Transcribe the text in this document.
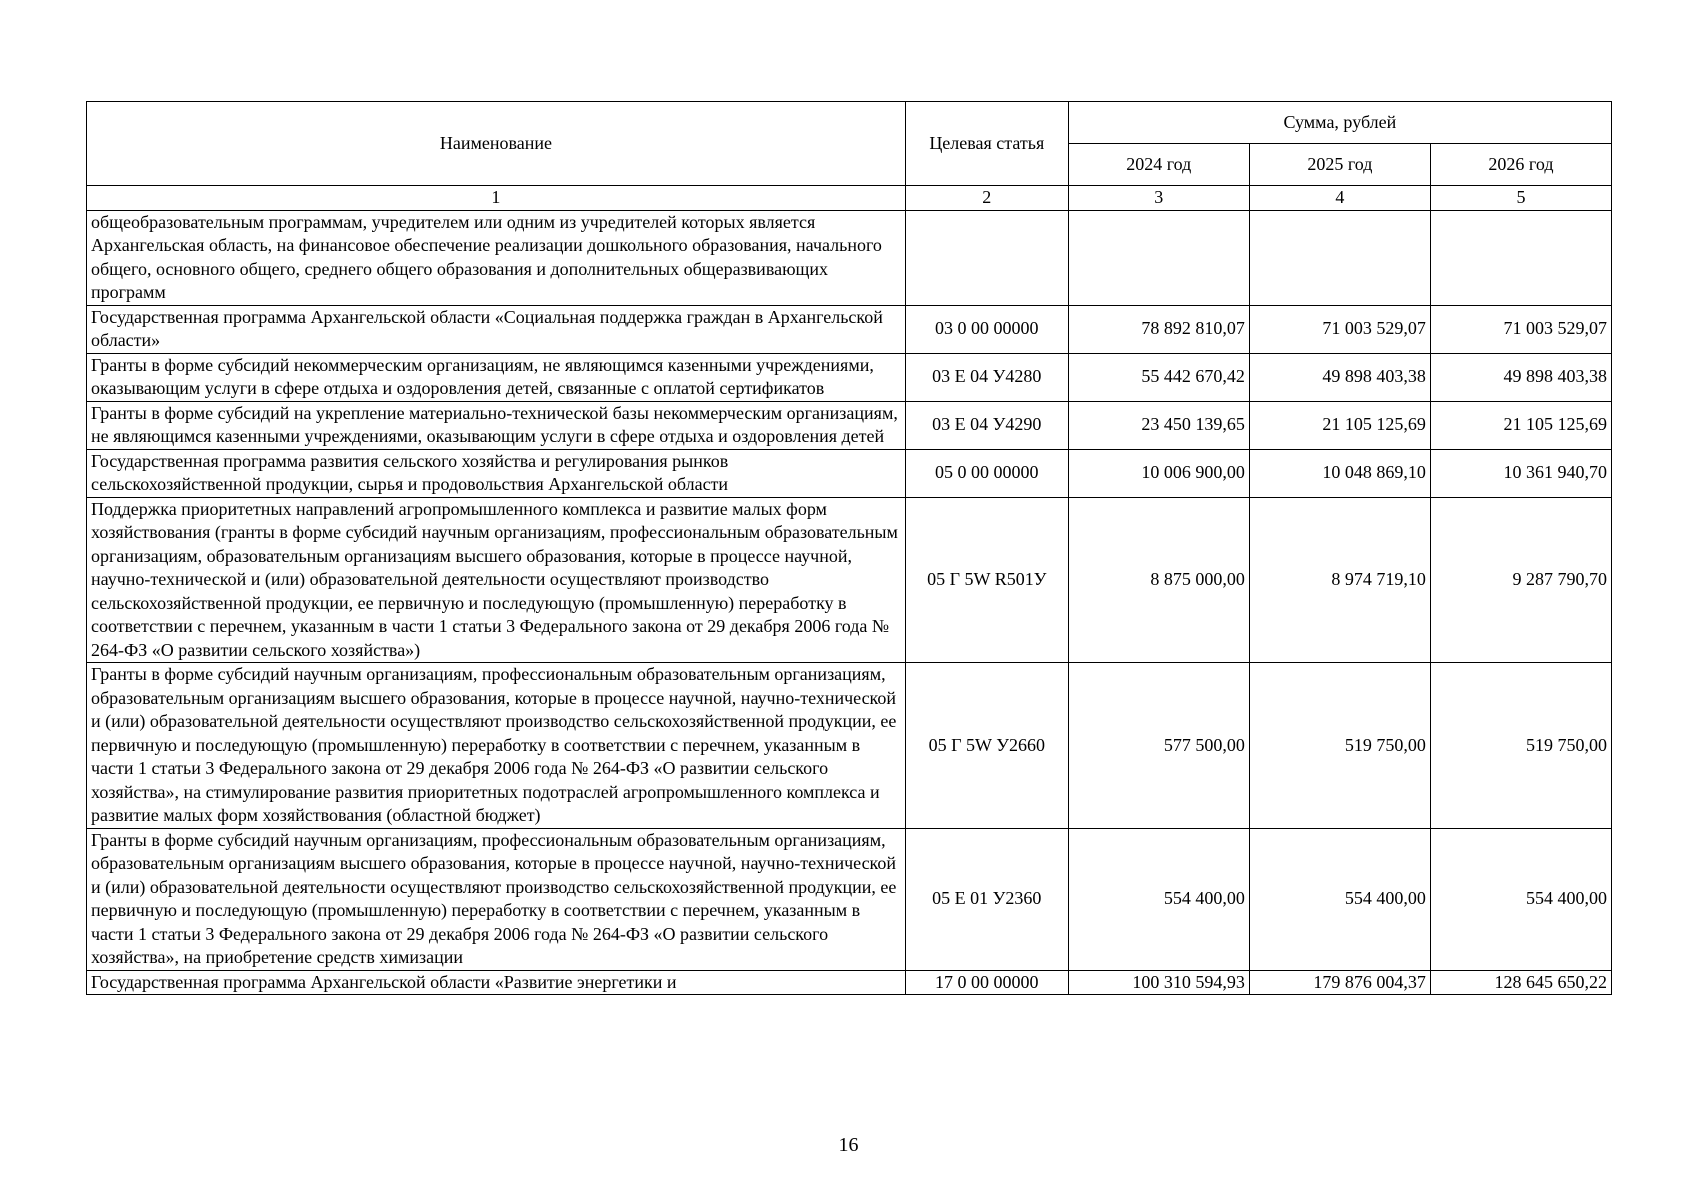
Наименование	Целевая статья	Сумма, рублей		
		2024 год	2025 год	2026 год
1	2	3	4	5
общеобразовательным программам, учредителем или одним из учредителей которых является Архангельская область, на финансовое обеспечение реализации дошкольного образования, начального общего, основного общего, среднего общего образования и дополнительных общеразвивающих программ				
Государственная программа Архангельской области «Социальная поддержка граждан в Архангельской области»	03 0 00 00000	78 892 810,07	71 003 529,07	71 003 529,07
Гранты в форме субсидий некоммерческим организациям, не являющимся казенными учреждениями, оказывающим услуги в сфере отдыха и оздоровления детей, связанные с оплатой сертификатов	03 Е 04 У4280	55 442 670,42	49 898 403,38	49 898 403,38
Гранты в форме субсидий на укрепление материально-технической базы некоммерческим организациям, не являющимся казенными учреждениями, оказывающим услуги в сфере отдыха и оздоровления детей	03 Е 04 У4290	23 450 139,65	21 105 125,69	21 105 125,69
Государственная программа развития сельского хозяйства и регулирования рынков сельскохозяйственной продукции, сырья и продовольствия Архангельской области	05 0 00 00000	10 006 900,00	10 048 869,10	10 361 940,70
Поддержка приоритетных направлений агропромышленного комплекса и развитие малых форм хозяйствования (гранты в форме субсидий научным организациям, профессиональным образовательным организациям, образовательным организациям высшего образования, которые в процессе научной, научно-технической и (или) образовательной деятельности осуществляют производство сельскохозяйственной продукции, ее первичную и последующую (промышленную) переработку в соответствии с перечнем, указанным в части 1 статьи 3 Федерального закона от 29 декабря 2006 года № 264-ФЗ «О развитии сельского хозяйства»)	05 Г 5W R501У	8 875 000,00	8 974 719,10	9 287 790,70
Гранты в форме субсидий научным организациям, профессиональным образовательным организациям, образовательным организациям высшего образования, которые в процессе научной, научно-технической и (или) образовательной деятельности осуществляют производство сельскохозяйственной продукции, ее первичную и последующую (промышленную) переработку в соответствии с перечнем, указанным в части 1 статьи 3 Федерального закона от 29 декабря 2006 года № 264-ФЗ «О развитии сельского хозяйства», на стимулирование развития приоритетных подотраслей агропромышленного комплекса и развитие малых форм хозяйствования (областной бюджет)	05 Г 5W У2660	577 500,00	519 750,00	519 750,00
Гранты в форме субсидий научным организациям, профессиональным образовательным организациям, образовательным организациям высшего образования, которые в процессе научной, научно-технической и (или) образовательной деятельности осуществляют производство сельскохозяйственной продукции, ее первичную и последующую (промышленную) переработку в соответствии с перечнем, указанным в части 1 статьи 3 Федерального закона от 29 декабря 2006 года № 264-ФЗ «О развитии сельского хозяйства», на приобретение средств химизации	05 Е 01 У2360	554 400,00	554 400,00	554 400,00
Государственная программа Архангельской области «Развитие энергетики и	17 0 00 00000	100 310 594,93	179 876 004,37	128 645 650,22
16
